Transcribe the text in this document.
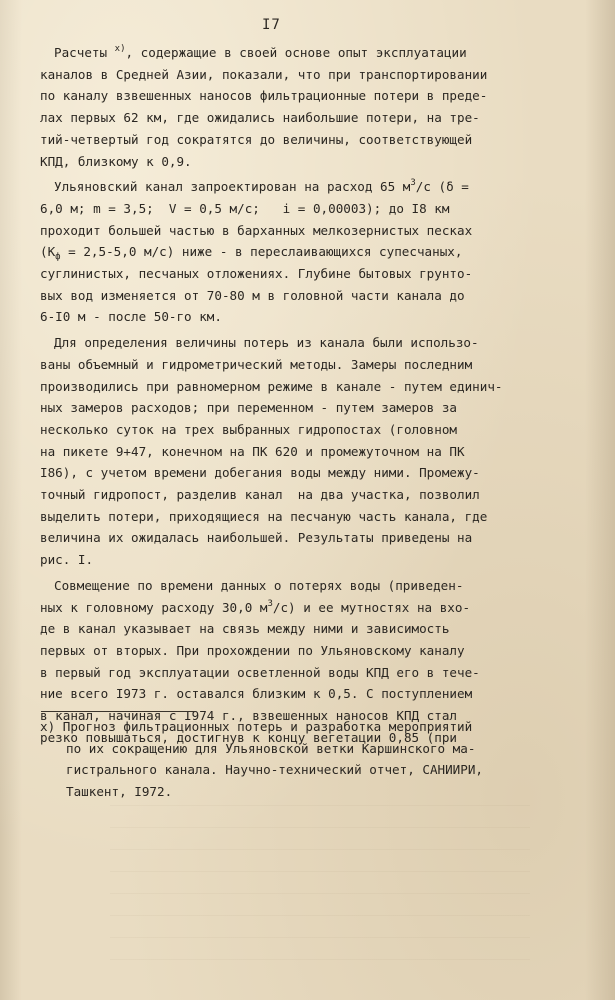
I7
Расчеты $^{x)}$, содержащие в своей основе опыт эксплуатации
каналов в Средней Азии, показали, что при транспортировании
по каналу взвешенных наносов фильтрационные потери в преде-
лах первых 62 км, где ожидались наибольшие потери, на тре-
тий-четвертый год сократятся до величины, соответствующей
КПД, близкому к 0,9.
Ульяновский канал запроектирован на расход 65 $м^3/с$ (δ =
6,0 м; m = 3,5;  V = 0,5 м/с;   i = 0,00003); до I8 км
проходит большей частью в барханных мелкозернистых песках
($К_ф = 2,5-5,0$ м/с) ниже - в переслаивающихся супесчаных,
суглинистых, песчаных отложениях. Глубине бытовых грунто-
вых вод изменяется от 70-80 м в головной части канала до
6-I0 м - после 50-го км.
Для определения величины потерь из канала были использо-
ваны объемный и гидрометрический методы. Замеры последним
производились при равномерном режиме в канале - путем единич-
ных замеров расходов; при переменном - путем замеров за
несколько суток на трех выбранных гидропостах (головном
на пикете 9+47, конечном на ПК 620 и промежуточном на ПК
I86), с учетом времени добегания воды между ними. Промежу-
точный гидропост, разделив канал  на два участка, позволил
выделить потери, приходящиеся на песчаную часть канала, где
величина их ожидалась наибольшей. Результаты приведены на
рис. I.
Совмещение по времени данных о потерях воды (приведен-
ных к головному расходу 30,0 $м^3/с$) и ее мутностях на вхо-
де в канал указывает на связь между ними и зависимость
первых от вторых. При прохождении по Ульяновскому каналу
в первый год эксплуатации осветленной воды КПД его в тече-
ние всего I973 г. оставался близким к 0,5. С поступлением
в канал, начиная с I974 г., взвешенных наносов КПД стал
резко повышаться, достигнув к концу вегетации 0,85 (при
x) Прогноз фильтрационных потерь и разработка мероприятий
по их сокращению для Ульяновской ветки Каршинского ма-
гистрального канала. Научно-технический отчет, САНИИРИ,
Ташкент, I972.
